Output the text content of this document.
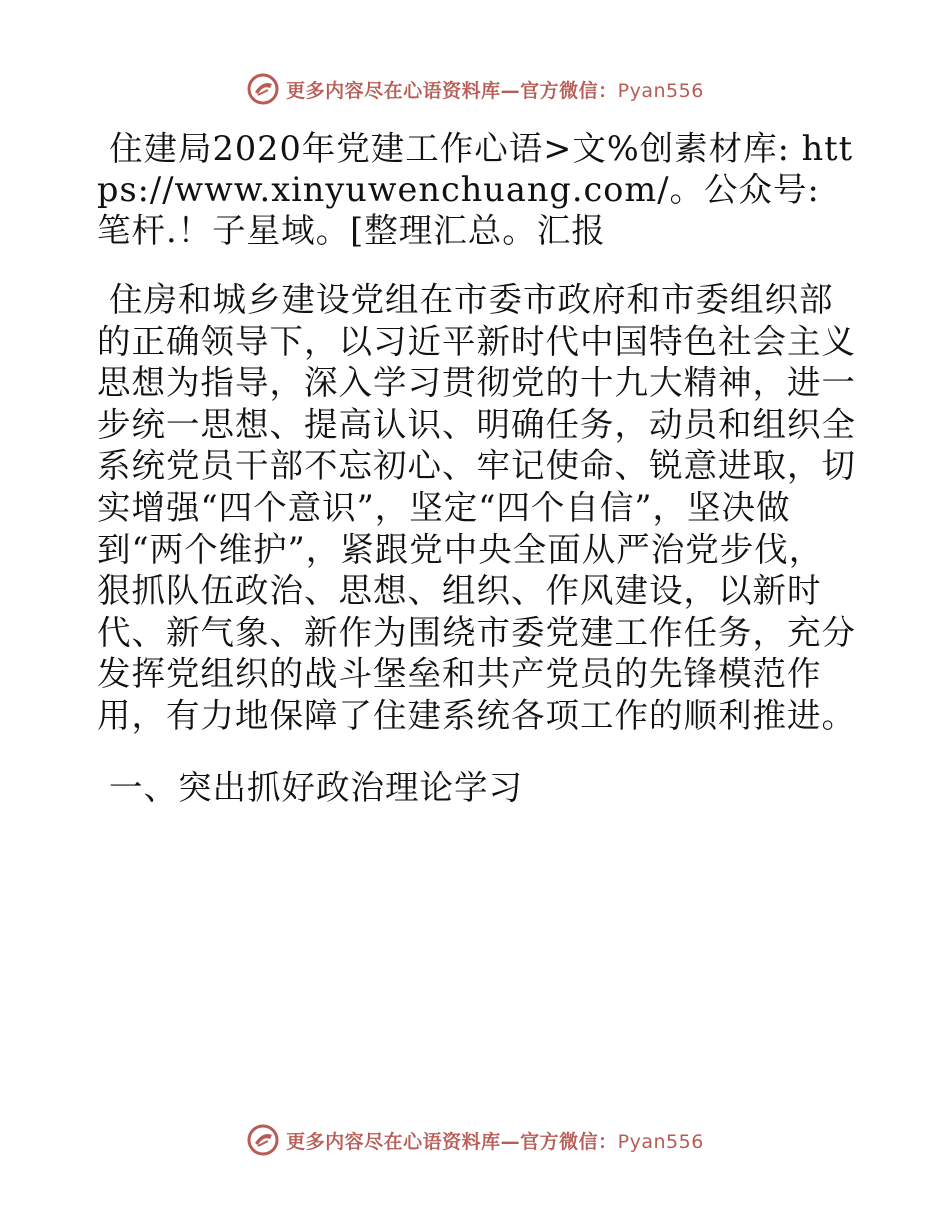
更多内容尽在心语资料库—官方微信：Pyan556

住建局2020年党建工作心语>文%创素材库: https://www.xinyuwenchuang.com/。公众号: 笔杆.！子星域。[整理汇总。汇报

住房和城乡建设党组在市委市政府和市委组织部的正确领导下，以习近平新时代中国特色社会主义思想为指导，深入学习贯彻党的十九大精神，进一步统一思想、提高认识、明确任务，动员和组织全系统党员干部不忘初心、牢记使命、锐意进取，切实增强“四个意识”，坚定“四个自信”，坚决做到“两个维护”，紧跟党中央全面从严治党步伐，狠抓队伍政治、思想、组织、作风建设，以新时代、新气象、新作为围绕市委党建工作任务，充分发挥党组织的战斗堡垒和共产党员的先锋模范作用，有力地保障了住建系统各项工作的顺利推进。

一、突出抓好政治理论学习

更多内容尽在心语资料库—官方微信：Pyan556
